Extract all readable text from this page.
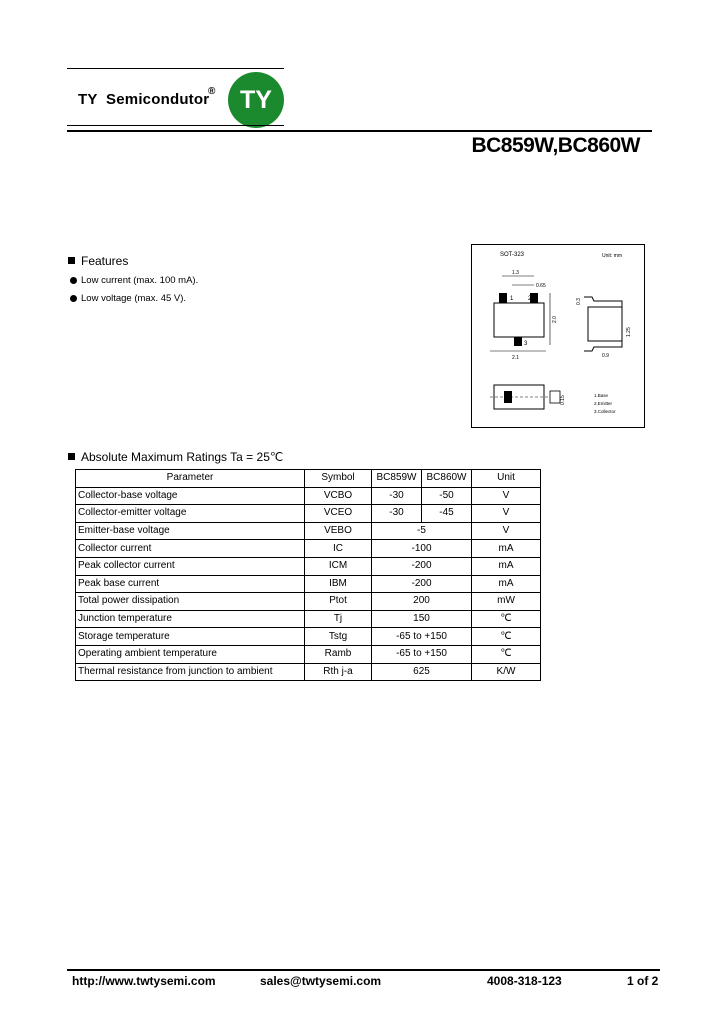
TY  Semicondutor
® TY
BC859W,BC860W
Features
Low current (max. 100 mA).
Low voltage (max. 45 V).
SOT-323	Unit: mm
1 2
3
1.3
0.65
2.0
2.1
1.25
0.3
0.9
0.15	1.Base
2.Emitter
3.Collector
Absolute Maximum Ratings Ta = 25℃
Parameter	Symbol	BC859W	BC860W	Unit
Collector-base voltage	VCBO	-30	-50	V
Collector-emitter voltage	VCEO	-30	-45	V
Emitter-base voltage	VEBO	-5		V
Collector current	IC	-100		mA
Peak collector current	ICM	-200		mA
Peak base current	IBM	-200		mA
Total power dissipation	Ptot	200		mW
Junction temperature	Tj	150		℃
Storage temperature	Tstg	-65 to +150		℃
Operating ambient temperature	Ramb	-65 to +150		℃
Thermal resistance from junction to ambient	Rth j-a	625		K/W
http://www.twtysemi.com	sales@twtysemi.com	4008-318-123	1 of 2
